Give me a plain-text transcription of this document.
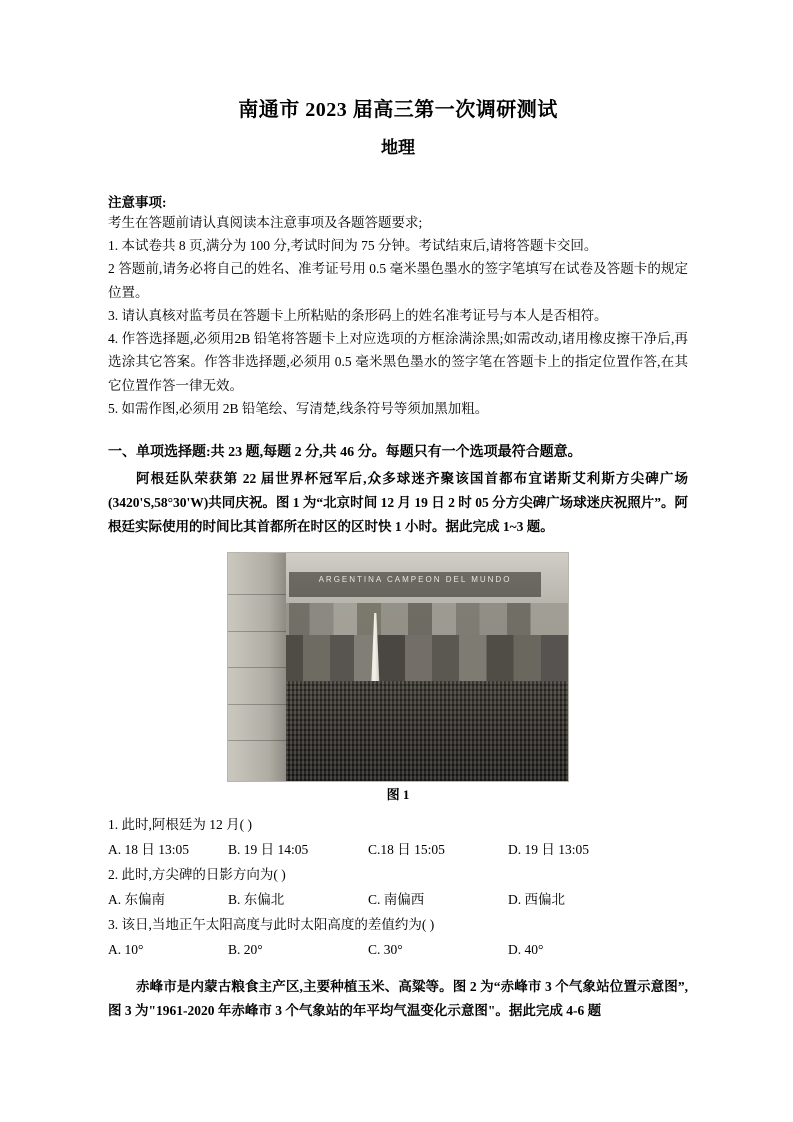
南通市 2023 届高三第一次调研测试
地理
注意事项:

考生在答题前请认真阅读本注意事项及各题答题要求;

1. 本试卷共 8 页,满分为 100 分,考试时间为 75 分钟。考试结束后,请将答题卡交回。

2 答题前,请务必将自己的姓名、准考证号用 0.5 毫米墨色墨水的签字笔填写在试卷及答题卡的规定位置。

3. 请认真核对监考员在答题卡上所粘贴的条形码上的姓名准考证号与本人是否相符。

4. 作答选择题,必须用2B 铅笔将答题卡上对应选项的方框涂满涂黑;如需改动,诸用橡皮擦干净后,再选涂其它答案。作答非选择题,必须用 0.5 毫米黑色墨水的签字笔在答题卡上的指定位置作答,在其它位置作答一律无效。

5. 如需作图,必须用 2B 铅笔绘、写清楚,线条符号等须加黑加粗。

一、单项选择题:共 23 题,每题 2 分,共 46 分。每题只有一个选项最符合题意。

阿根廷队荣获第 22 届世界杯冠军后,众多球迷齐聚该国首都布宜诺斯艾利斯方尖碑广场(3420'S,58°30'W)共同庆祝。图 1 为“北京时间 12 月 19 日 2 时 05 分方尖碑广场球迷庆祝照片”。阿根廷实际使用的时间比其首都所在时区的区时快 1 小时。据此完成 1~3 题。

ARGENTINA CAMPEON DEL MUNDO
图 1

1. 此时,阿根廷为 12 月( )

A. 18 日 13:05	B. 19 日 14:05	C.18 日 15:05	D. 19 日 13:05

2. 此时,方尖碑的日影方向为( )

A. 东偏南	B. 东偏北	C. 南偏西	D. 西偏北

3. 该日,当地正午太阳高度与此时太阳高度的差值约为( )

A. 10°	B. 20°	C. 30°	D. 40°

赤峰市是内蒙古粮食主产区,主要种植玉米、高粱等。图 2 为“赤峰市 3 个气象站位置示意图”,图 3 为"1961-2020 年赤峰市 3 个气象站的年平均气温变化示意图"。据此完成 4-6 题
